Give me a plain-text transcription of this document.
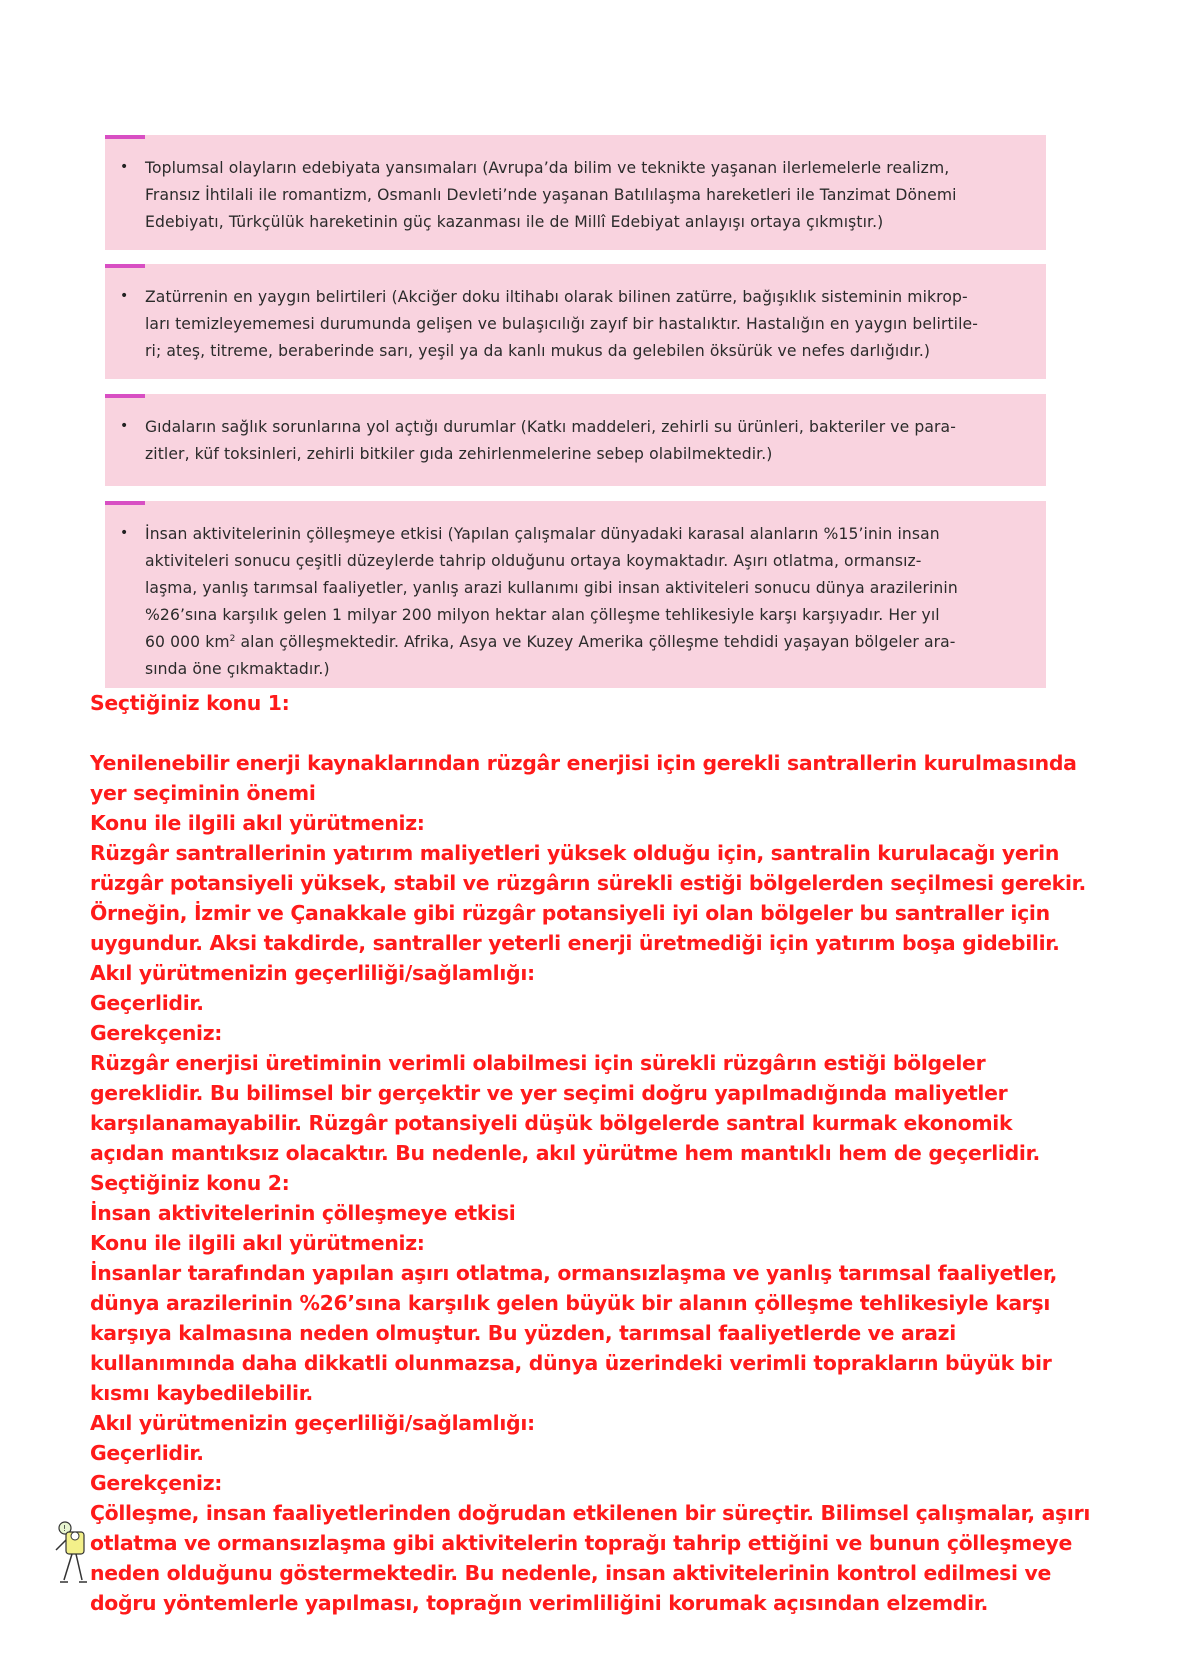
• Toplumsal olayların edebiyata yansımaları (Avrupa’da bilim ve teknikte yaşanan ilerlemelerle realizm,
Fransız İhtilali ile romantizm, Osmanlı Devleti’nde yaşanan Batılılaşma hareketleri ile Tanzimat Dönemi
Edebiyatı, Türkçülük hareketinin güç kazanması ile de Millî Edebiyat anlayışı ortaya çıkmıştır.)
• Zatürrenin en yaygın belirtileri (Akciğer doku iltihabı olarak bilinen zatürre, bağışıklık sisteminin mikrop-
ları temizleyememesi durumunda gelişen ve bulaşıcılığı zayıf bir hastalıktır. Hastalığın en yaygın belirtile-
ri; ateş, titreme, beraberinde sarı, yeşil ya da kanlı mukus da gelebilen öksürük ve nefes darlığıdır.)
• Gıdaların sağlık sorunlarına yol açtığı durumlar (Katkı maddeleri, zehirli su ürünleri, bakteriler ve para-
zitler, küf toksinleri, zehirli bitkiler gıda zehirlenmelerine sebep olabilmektedir.)
• İnsan aktivitelerinin çölleşmeye etkisi (Yapılan çalışmalar dünyadaki karasal alanların %15’inin insan
aktiviteleri sonucu çeşitli düzeylerde tahrip olduğunu ortaya koymaktadır. Aşırı otlatma, ormansız-
laşma, yanlış tarımsal faaliyetler, yanlış arazi kullanımı gibi insan aktiviteleri sonucu dünya arazilerinin
%26’sına karşılık gelen 1 milyar 200 milyon hektar alan çölleşme tehlikesiyle karşı karşıyadır. Her yıl
60 000 $km^2$ alan çölleşmektedir. Afrika, Asya ve Kuzey Amerika çölleşme tehdidi yaşayan bölgeler ara-
sında öne çıkmaktadır.)
Seçtiğiniz konu 1:
Yenilenebilir enerji kaynaklarından rüzgâr enerjisi için gerekli santrallerin kurulmasında
yer seçiminin önemi
Konu ile ilgili akıl yürütmeniz:
Rüzgâr santrallerinin yatırım maliyetleri yüksek olduğu için, santralin kurulacağı yerin
rüzgâr potansiyeli yüksek, stabil ve rüzgârın sürekli estiği bölgelerden seçilmesi gerekir.
Örneğin, İzmir ve Çanakkale gibi rüzgâr potansiyeli iyi olan bölgeler bu santraller için
uygundur. Aksi takdirde, santraller yeterli enerji üretmediği için yatırım boşa gidebilir.
Akıl yürütmenizin geçerliliği/sağlamlığı:
Geçerlidir.
Gerekçeniz:
Rüzgâr enerjisi üretiminin verimli olabilmesi için sürekli rüzgârın estiği bölgeler
gereklidir. Bu bilimsel bir gerçektir ve yer seçimi doğru yapılmadığında maliyetler
karşılanamayabilir. Rüzgâr potansiyeli düşük bölgelerde santral kurmak ekonomik
açıdan mantıksız olacaktır. Bu nedenle, akıl yürütme hem mantıklı hem de geçerlidir.
Seçtiğiniz konu 2:
İnsan aktivitelerinin çölleşmeye etkisi
Konu ile ilgili akıl yürütmeniz:
İnsanlar tarafından yapılan aşırı otlatma, ormansızlaşma ve yanlış tarımsal faaliyetler,
dünya arazilerinin %26’sına karşılık gelen büyük bir alanın çölleşme tehlikesiyle karşı
karşıya kalmasına neden olmuştur. Bu yüzden, tarımsal faaliyetlerde ve arazi
kullanımında daha dikkatli olunmazsa, dünya üzerindeki verimli toprakların büyük bir
kısmı kaybedilebilir.
Akıl yürütmenizin geçerliliği/sağlamlığı:
Geçerlidir.
Gerekçeniz:
Çölleşme, insan faaliyetlerinden doğrudan etkilenen bir süreçtir. Bilimsel çalışmalar, aşırı
otlatma ve ormansızlaşma gibi aktivitelerin toprağı tahrip ettiğini ve bunun çölleşmeye
neden olduğunu göstermektedir. Bu nedenle, insan aktivitelerinin kontrol edilmesi ve
doğru yöntemlerle yapılması, toprağın verimliliğini korumak açısından elzemdir.
!
